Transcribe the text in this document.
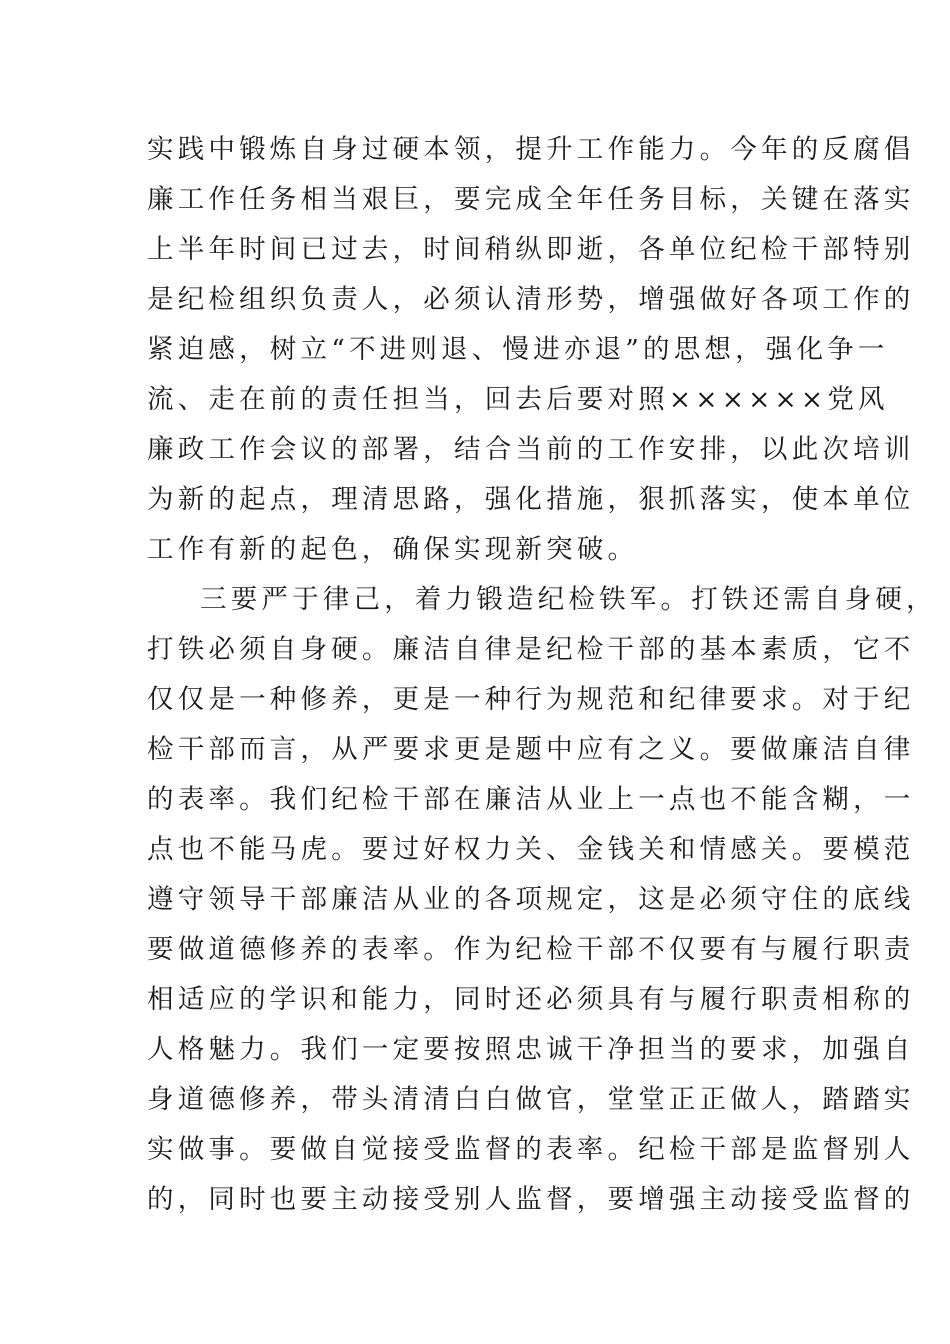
实践中锻炼自身过硬本领，提升工作能力。今年的反腐倡
廉工作任务相当艰巨，要完成全年任务目标，关键在落实
上半年时间已过去，时间稍纵即逝，各单位纪检干部特别
是纪检组织负责人，必须认清形势，增强做好各项工作的
紧迫感，树立“不进则退、慢进亦退”的思想，强化争一
流、走在前的责任担当，回去后要对照××××××党风
廉政工作会议的部署，结合当前的工作安排，以此次培训
为新的起点，理清思路，强化措施，狠抓落实，使本单位
工作有新的起色，确保实现新突破。
三要严于律己，着力锻造纪检铁军。打铁还需自身硬，
打铁必须自身硬。廉洁自律是纪检干部的基本素质，它不
仅仅是一种修养，更是一种行为规范和纪律要求。对于纪
检干部而言，从严要求更是题中应有之义。要做廉洁自律
的表率。我们纪检干部在廉洁从业上一点也不能含糊，一
点也不能马虎。要过好权力关、金钱关和情感关。要模范
遵守领导干部廉洁从业的各项规定，这是必须守住的底线
要做道德修养的表率。作为纪检干部不仅要有与履行职责
相适应的学识和能力，同时还必须具有与履行职责相称的
人格魅力。我们一定要按照忠诚干净担当的要求，加强自
身道德修养，带头清清白白做官，堂堂正正做人，踏踏实
实做事。要做自觉接受监督的表率。纪检干部是监督别人
的，同时也要主动接受别人监督，要增强主动接受监督的
